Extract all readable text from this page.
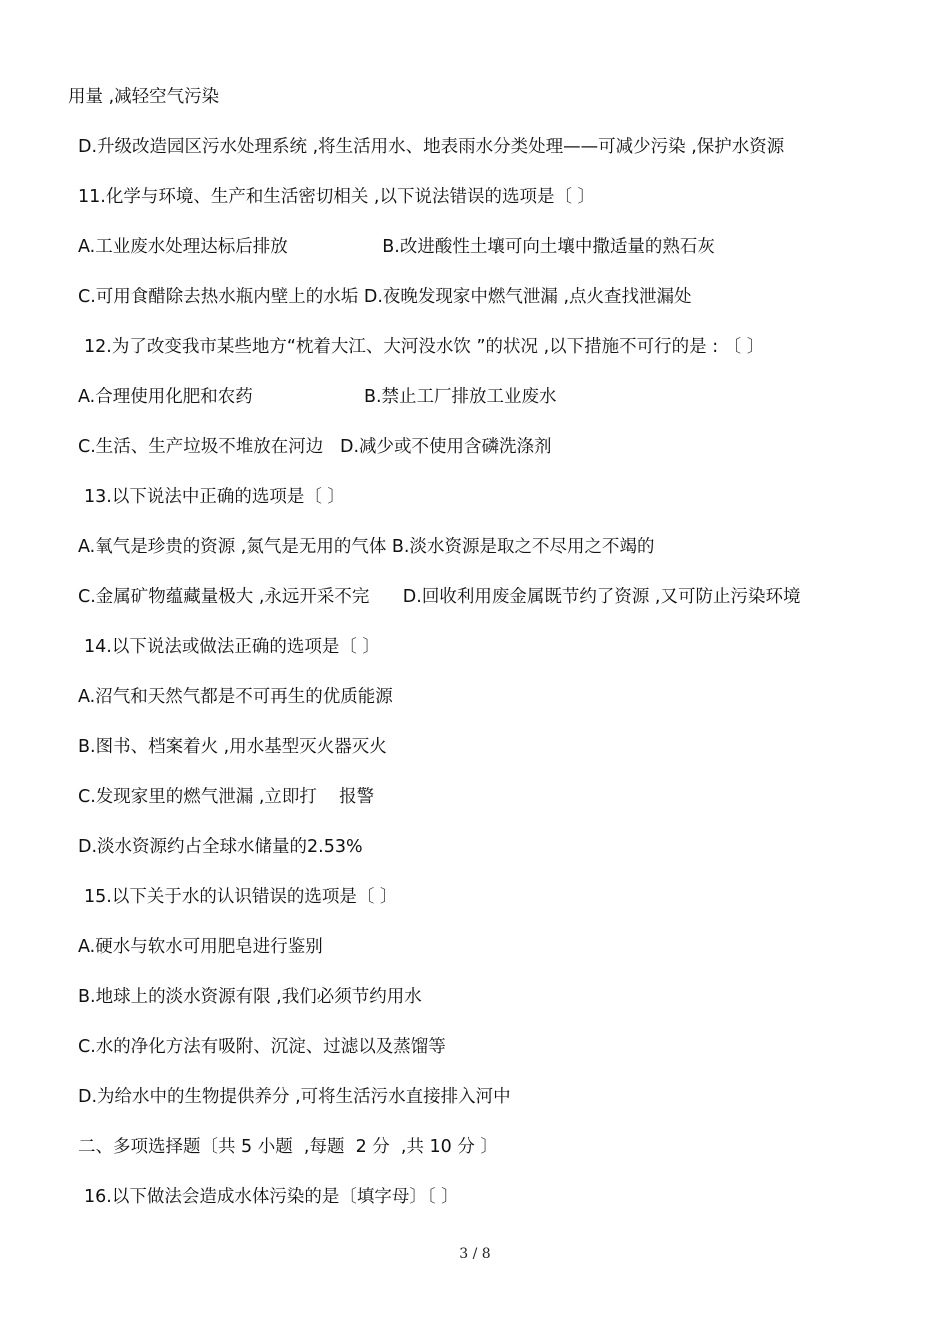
用量 ,减轻空气污染
D.升级改造园区污水处理系统 ,将生活用水、地表雨水分类处理——可减少污染 ,保护水资源
11.化学与环境、生产和生活密切相关 ,以下说法错误的选项是〔 〕
A.工业废水处理达标后排放                 B.改进酸性土壤可向土壤中撒适量的熟石灰
C.可用食醋除去热水瓶内壁上的水垢 D.夜晚发现家中燃气泄漏 ,点火查找泄漏处
12.为了改变我市某些地方“枕着大江、大河没水饮 ”的状况 ,以下措施不可行的是 : 〔 〕
A.合理使用化肥和农药                    B.禁止工厂排放工业废水
C.生活、生产垃圾不堆放在河边   D.减少或不使用含磷洗涤剂
13.以下说法中正确的选项是〔 〕
A.氧气是珍贵的资源 ,氮气是无用的气体 B.淡水资源是取之不尽用之不竭的
C.金属矿物蕴藏量极大 ,永远开采不完      D.回收利用废金属既节约了资源 ,又可防止污染环境
14.以下说法或做法正确的选项是〔 〕
A.沼气和天然气都是不可再生的优质能源
B.图书、档案着火 ,用水基型灭火器灭火
C.发现家里的燃气泄漏 ,立即打    报警
D.淡水资源约占全球水储量的2.53%
15.以下关于水的认识错误的选项是〔 〕
A.硬水与软水可用肥皂进行鉴别
B.地球上的淡水资源有限 ,我们必须节约用水
C.水的净化方法有吸附、沉淀、过滤以及蒸馏等
D.为给水中的生物提供养分 ,可将生活污水直接排入河中
二、多项选择题〔共 5 小题  ,每题  2 分  ,共 10 分 〕
16.以下做法会造成水体污染的是〔填字母〕〔 〕
3 / 8
